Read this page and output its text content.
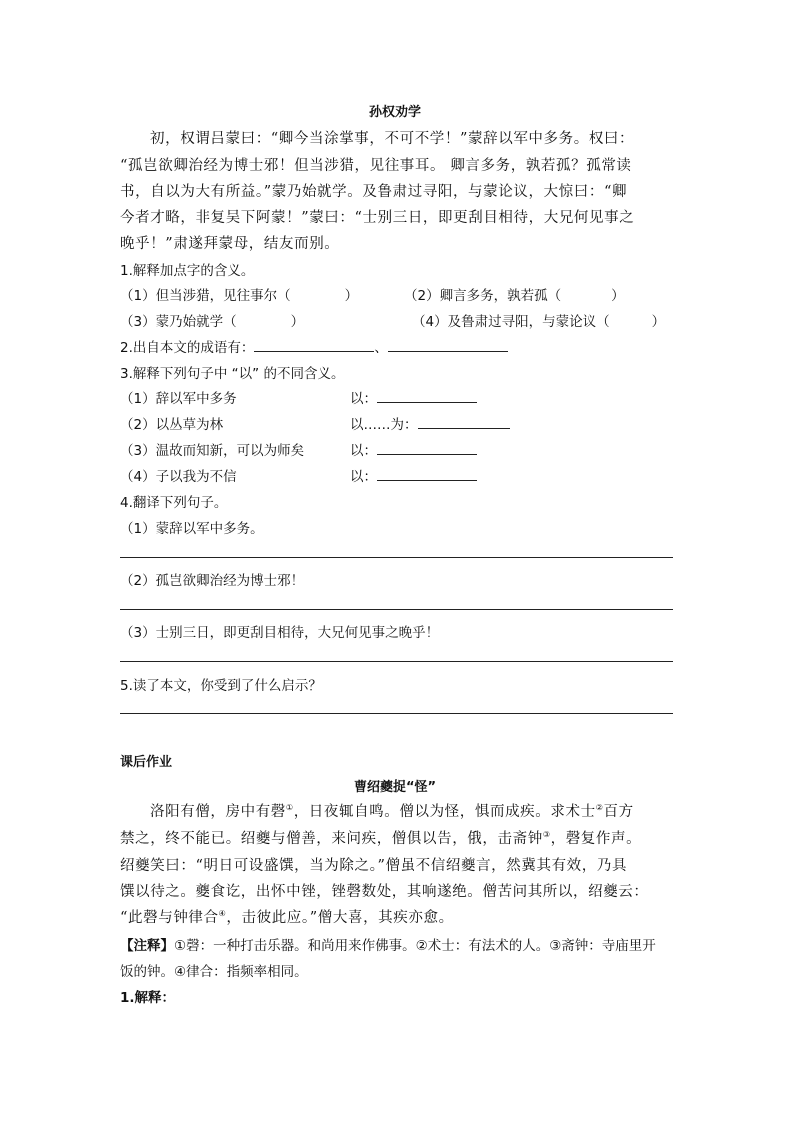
孙权劝学
初，权谓吕蒙曰：“卿今当涂掌事，不可不学！”蒙辞以军中多务。权曰：
“孤岂欲卿治经为博士邪！但当涉猎，见往事耳。 卿言多务，孰若孤？孤常读
书，自以为大有所益。”蒙乃始就学。及鲁肃过寻阳，与蒙论议，大惊曰：“卿
今者才略，非复吴下阿蒙！”蒙曰：“士别三日，即更刮目相待，大兄何见事之
晚乎！”肃遂拜蒙母，结友而别。
1.解释加点字的含义。
（1）但当涉猎，见往事尔（	）	（2）卿言多务，孰若孤（	）
（3）蒙乃始就学（	）	（4）及鲁肃过寻阳，与蒙论议（	）
2.出自本文的成语有：	、
3.解释下列句子中 “以” 的不同含义。
（1）辞以军中多务	以：
（2）以丛草为林	以……为：
（3）温故而知新，可以为师矣	以：
（4）子以我为不信	以：
4.翻译下列句子。
（1）蒙辞以军中多务。
（2）孤岂欲卿治经为博士邪！
（3）士别三日，即更刮目相待，大兄何见事之晚乎！
5.读了本文，你受到了什么启示？
课后作业
曹绍夔捉“怪”
洛阳有僧，房中有磬①，日夜辄自鸣。僧以为怪，惧而成疾。求术士②百方
禁之，终不能已。绍夔与僧善，来问疾，僧俱以告，俄，击斋钟③，磬复作声。
绍夔笑曰：“明日可设盛馔，当为除之。”僧虽不信绍夔言，然冀其有效，乃具
馔以待之。夔食讫，出怀中锉，锉磬数处，其响遂绝。僧苦问其所以，绍夔云：
“此磬与钟律合④，击彼此应。”僧大喜，其疾亦愈。
【注释】①磬：一种打击乐器。和尚用来作佛事。②术士：有法术的人。③斋钟：寺庙里开
饭的钟。④律合：指频率相同。
1.解释：
